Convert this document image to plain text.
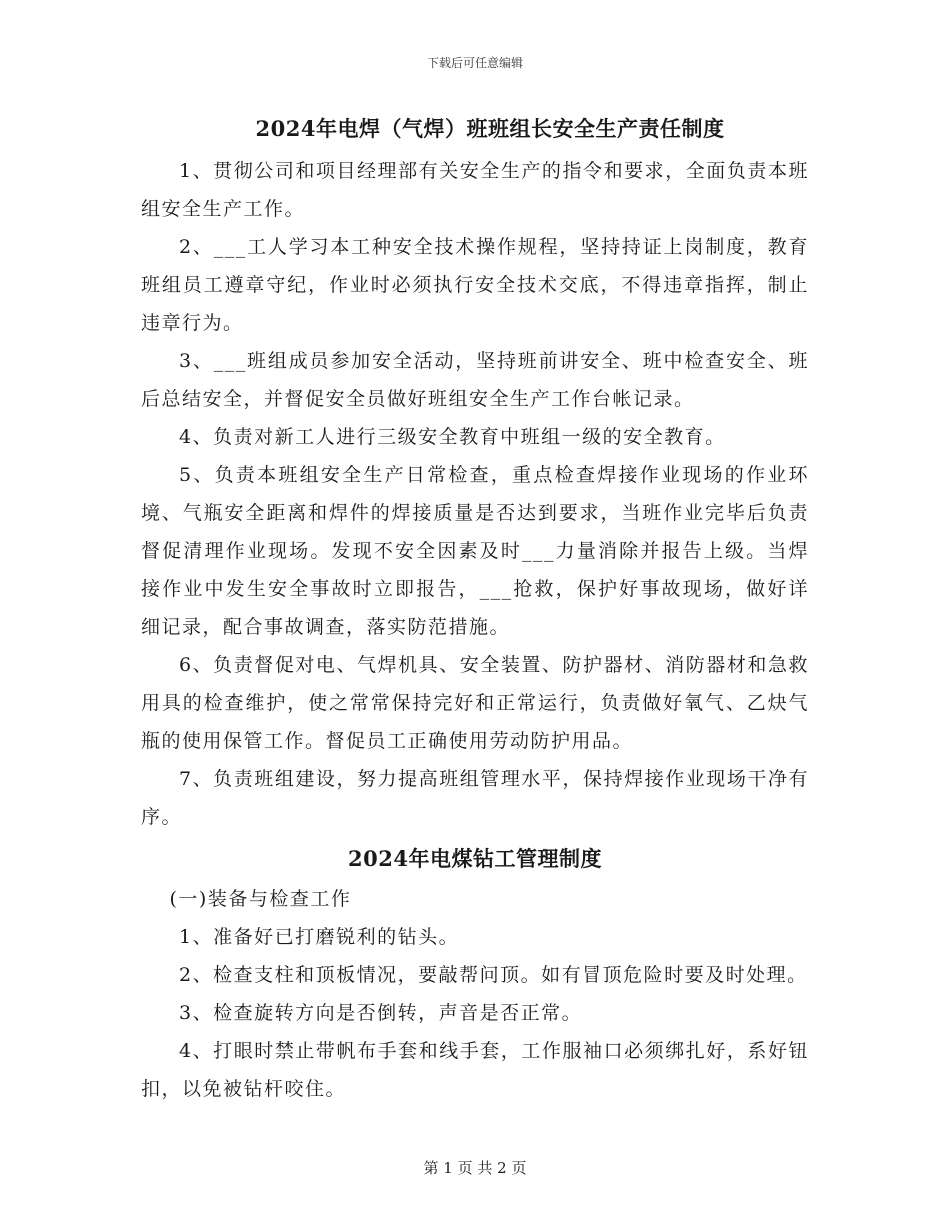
下载后可任意编辑
2024年电焊（气焊）班班组长安全生产责任制度

1、贯彻公司和项目经理部有关安全生产的指令和要求，全面负责本班组安全生产工作。

2、___工人学习本工种安全技术操作规程，坚持持证上岗制度，教育班组员工遵章守纪，作业时必须执行安全技术交底，不得违章指挥，制止违章行为。

3、___班组成员参加安全活动，坚持班前讲安全、班中检查安全、班后总结安全，并督促安全员做好班组安全生产工作台帐记录。

4、负责对新工人进行三级安全教育中班组一级的安全教育。

5、负责本班组安全生产日常检查，重点检查焊接作业现场的作业环境、气瓶安全距离和焊件的焊接质量是否达到要求，当班作业完毕后负责督促清理作业现场。发现不安全因素及时___力量消除并报告上级。当焊接作业中发生安全事故时立即报告，___抢救，保护好事故现场，做好详细记录，配合事故调查，落实防范措施。

6、负责督促对电、气焊机具、安全装置、防护器材、消防器材和急救用具的检查维护，使之常常保持完好和正常运行，负责做好氧气、乙炔气瓶的使用保管工作。督促员工正确使用劳动防护用品。

7、负责班组建设，努力提高班组管理水平，保持焊接作业现场干净有序。

2024年电煤钻工管理制度

(一)装备与检查工作

1、准备好已打磨锐利的钻头。

2、检查支柱和顶板情况，要敲帮问顶。如有冒顶危险时要及时处理。

3、检查旋转方向是否倒转，声音是否正常。

4、打眼时禁止带帆布手套和线手套，工作服袖口必须绑扎好，系好钮扣，以免被钻杆咬住。

第 1 页 共 2 页
